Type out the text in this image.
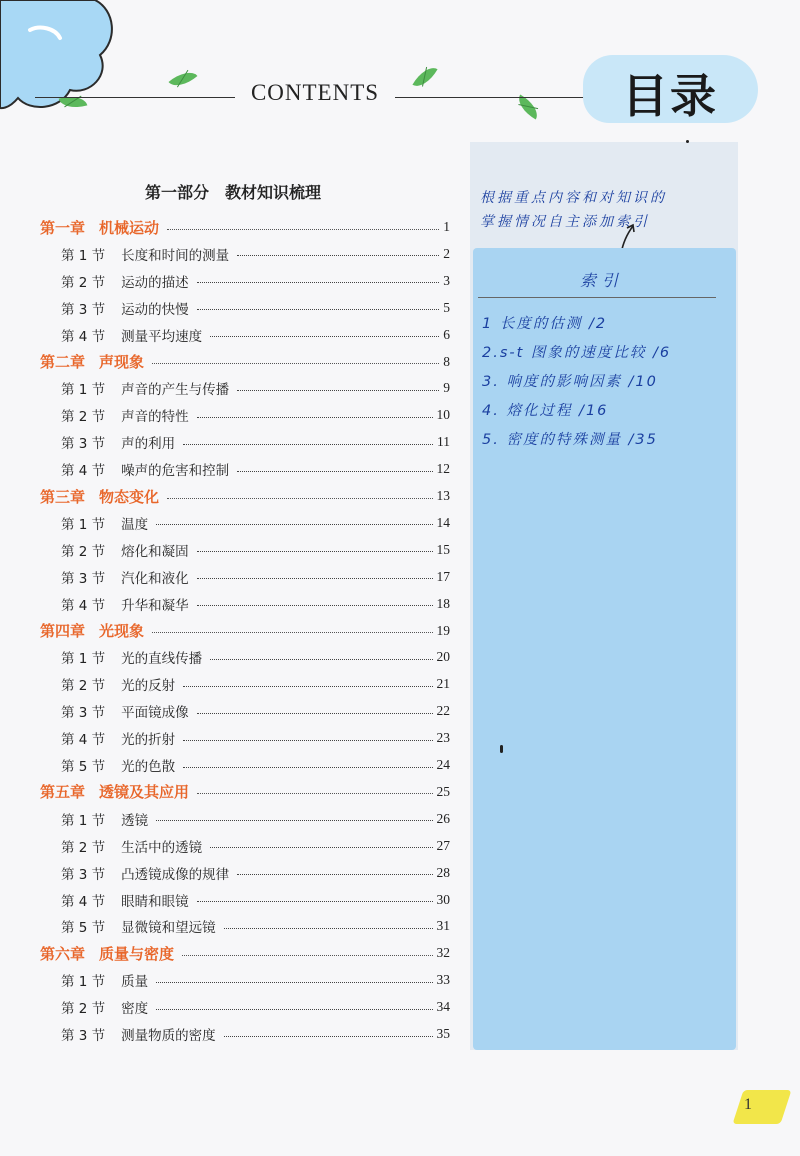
CONTENTS	目录
根据重点内容和对知识的
掌握情况自主添加索引
索引
1 长度的估测 /2
2.s-t 图象的速度比较 /6
3. 响度的影响因素 /10
4. 熔化过程 /16
5. 密度的特殊测量 /35
第一部分　教材知识梳理
第一章 机械运动	1
第 1 节 长度和时间的测量	2
第 2 节 运动的描述	3
第 3 节 运动的快慢	5
第 4 节 测量平均速度	6
第二章 声现象	8
第 1 节 声音的产生与传播	9
第 2 节 声音的特性	10
第 3 节 声的利用	11
第 4 节 噪声的危害和控制	12
第三章 物态变化	13
第 1 节 温度	14
第 2 节 熔化和凝固	15
第 3 节 汽化和液化	17
第 4 节 升华和凝华	18
第四章 光现象	19
第 1 节 光的直线传播	20
第 2 节 光的反射	21
第 3 节 平面镜成像	22
第 4 节 光的折射	23
第 5 节 光的色散	24
第五章 透镜及其应用	25
第 1 节 透镜	26
第 2 节 生活中的透镜	27
第 3 节 凸透镜成像的规律	28
第 4 节 眼睛和眼镜	30
第 5 节 显微镜和望远镜	31
第六章 质量与密度	32
第 1 节 质量	33
第 2 节 密度	34
第 3 节 测量物质的密度	35
1
